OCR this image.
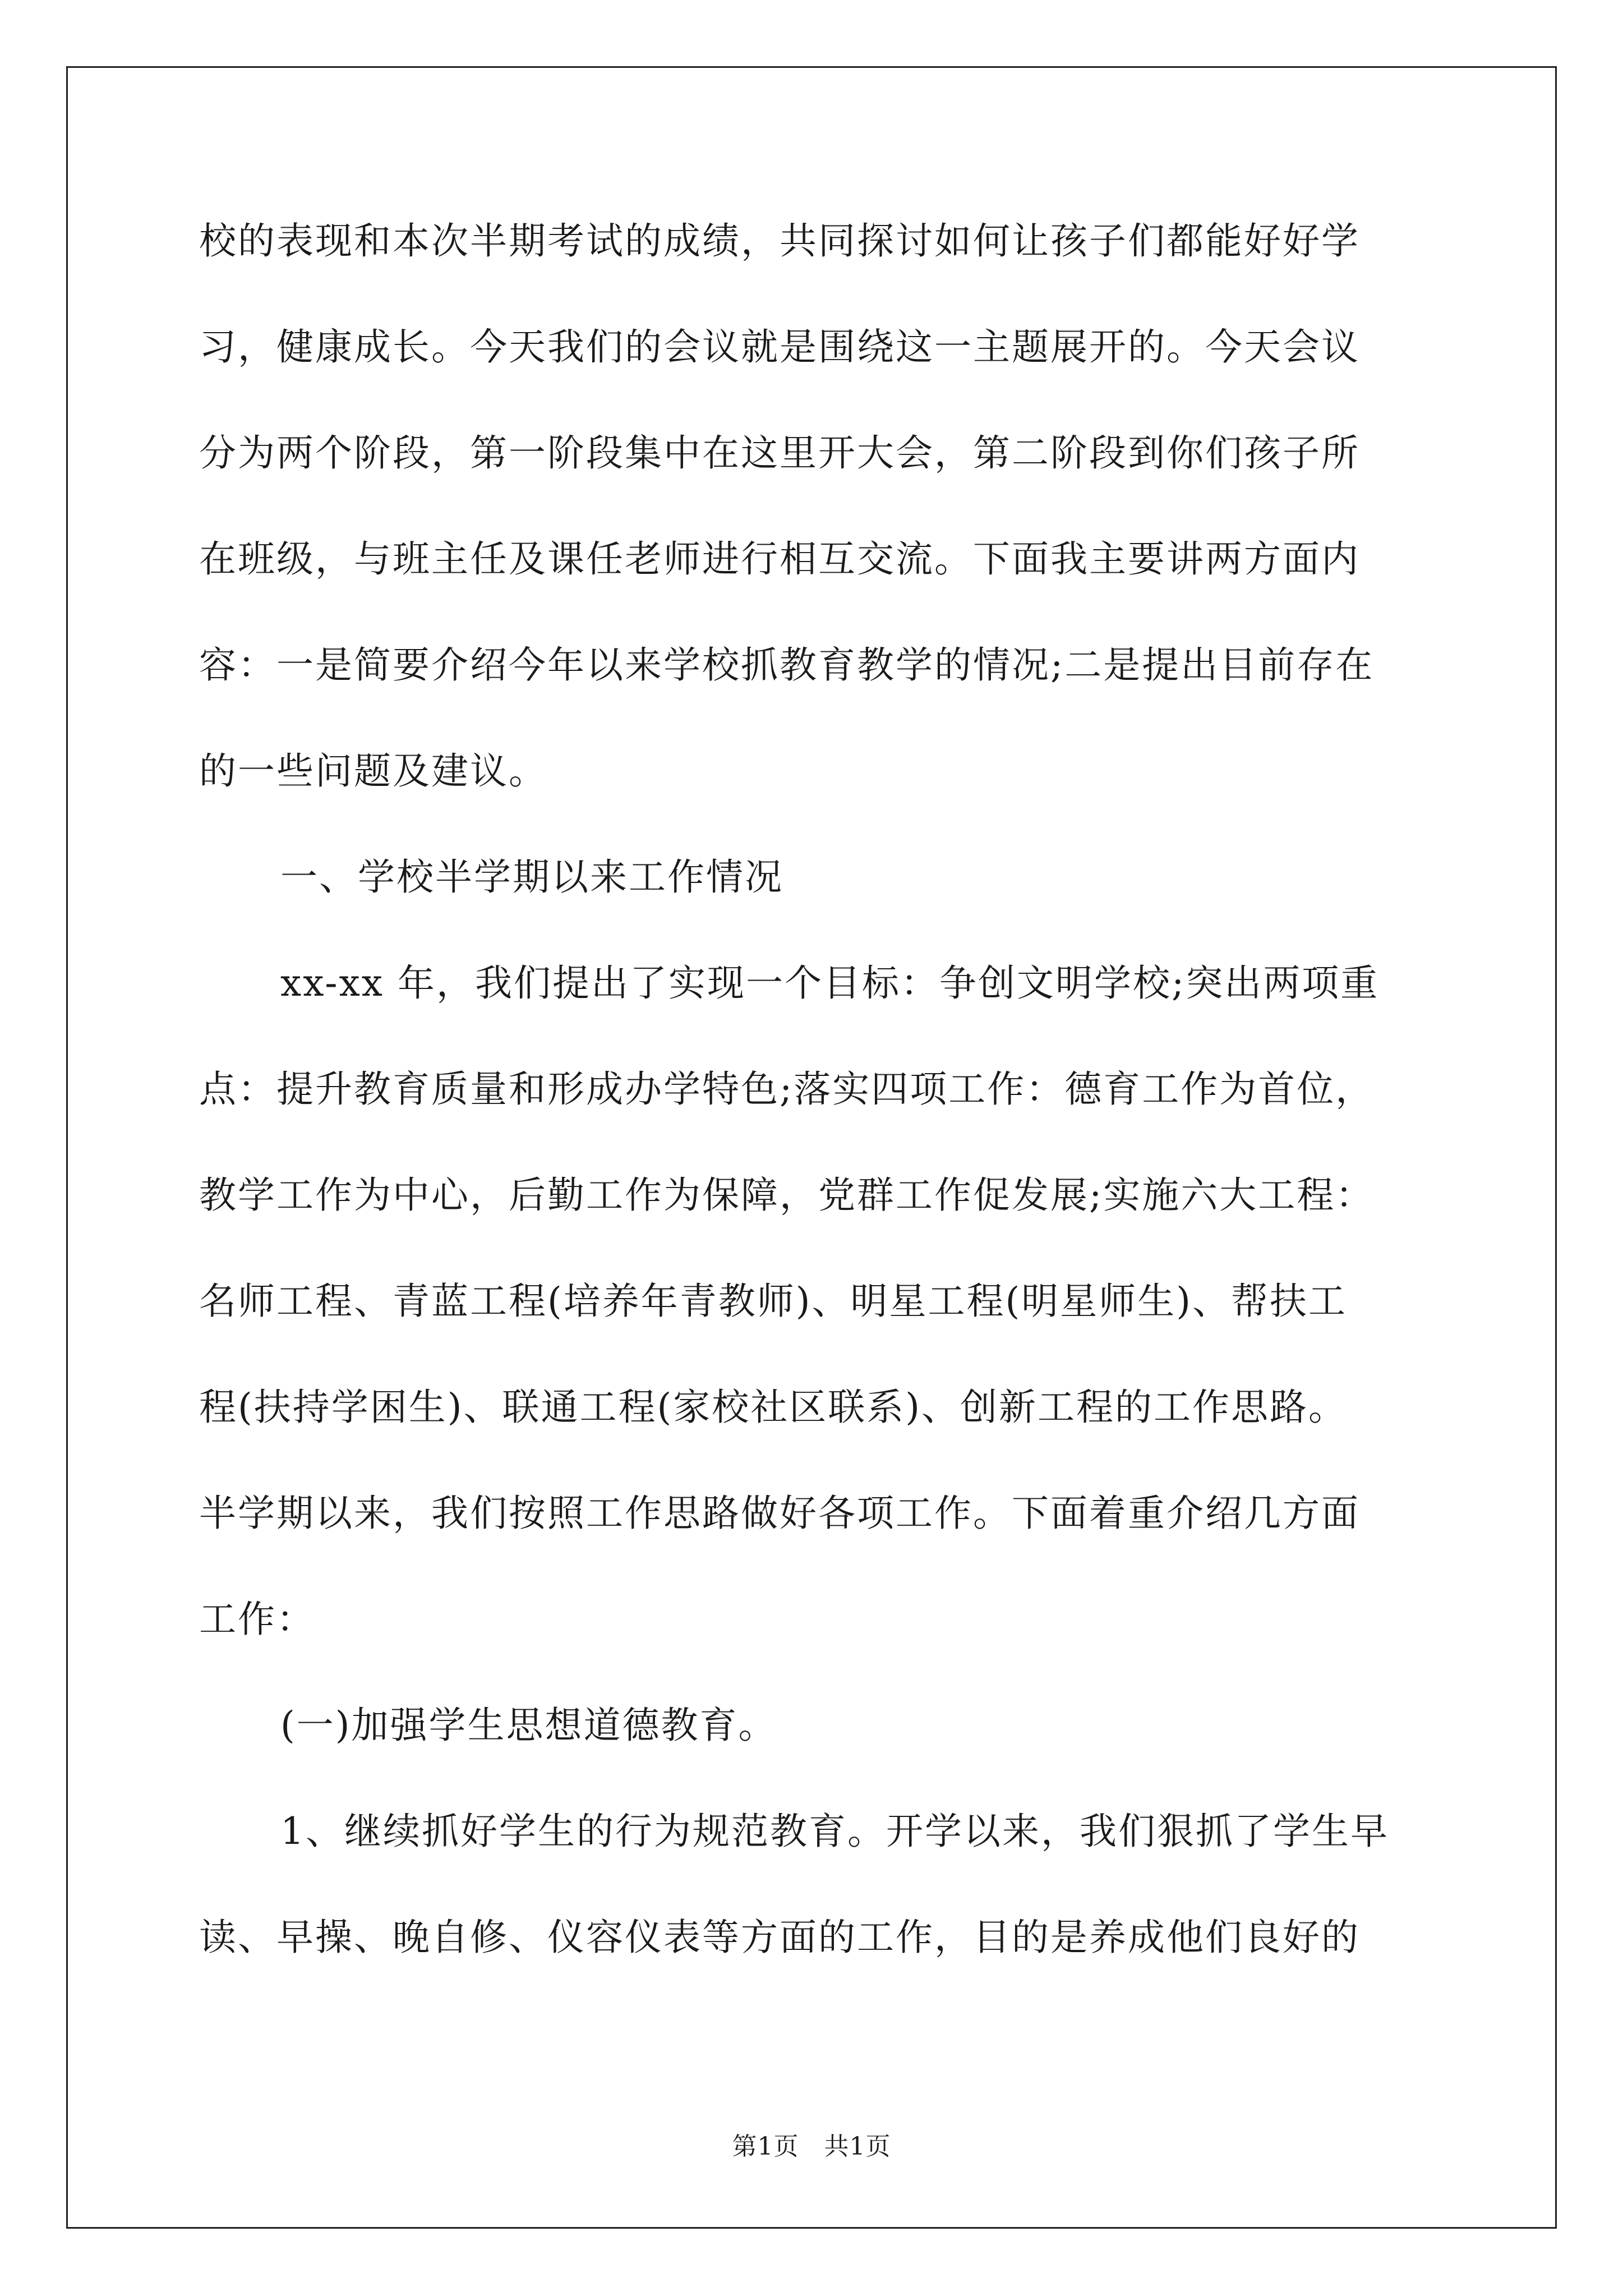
校的表现和本次半期考试的成绩，共同探讨如何让孩子们都能好好学
习，健康成长。今天我们的会议就是围绕这一主题展开的。今天会议
分为两个阶段，第一阶段集中在这里开大会，第二阶段到你们孩子所
在班级，与班主任及课任老师进行相互交流。下面我主要讲两方面内
容：一是简要介绍今年以来学校抓教育教学的情况;二是提出目前存在
的一些问题及建议。
一、学校半学期以来工作情况
xx-xx 年，我们提出了实现一个目标：争创文明学校;突出两项重
点：提升教育质量和形成办学特色;落实四项工作：德育工作为首位，
教学工作为中心，后勤工作为保障，党群工作促发展;实施六大工程：
名师工程、青蓝工程(培养年青教师)、明星工程(明星师生)、帮扶工
程(扶持学困生)、联通工程(家校社区联系)、创新工程的工作思路。
半学期以来，我们按照工作思路做好各项工作。下面着重介绍几方面
工作：
(一)加强学生思想道德教育。
1、继续抓好学生的行为规范教育。开学以来，我们狠抓了学生早
读、早操、晚自修、仪容仪表等方面的工作，目的是养成他们良好的
第1页　共1页
